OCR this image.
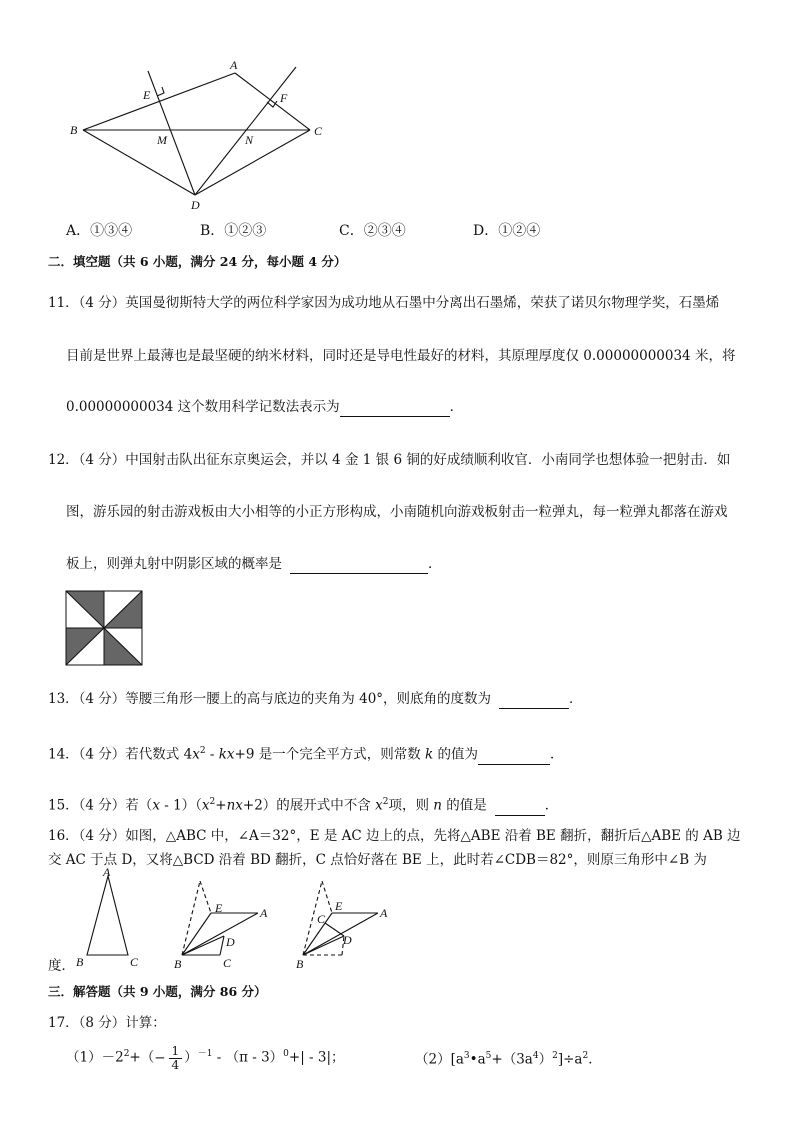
A
B	C
D
E	F
M	N
A．①③④	B．①②③	C．②③④	D．①②④
二．填空题（共 6 小题，满分 24 分，每小题 4 分）
11．（4 分）英国曼彻斯特大学的两位科学家因为成功地从石墨中分离出石墨烯，荣获了诺贝尔物理学奖，石墨烯
目前是世界上最薄也是最坚硬的纳米材料，同时还是导电性最好的材料，其原理厚度仅 0.00000000034 米，将
0.00000000034 这个数用科学记数法表示为	．
12．（4 分）中国射击队出征东京奥运会，并以 4 金 1 银 6 铜的好成绩顺利收官．小南同学也想体验一把射击．如
图，游乐园的射击游戏板由大小相等的小正方形构成，小南随机向游戏板射击一粒弹丸，每一粒弹丸都落在游戏
板上，则弹丸射中阴影区域的概率是	．
13．（4 分）等腰三角形一腰上的高与底边的夹角为 40°，则底角的度数为	．
14．（4 分）若代数式 $4x^2 - kx+9$ 是一个完全平方式，则常数 k 的值为	．
15．（4 分）若$(x - 1)(x^2+nx+2)$的展开式中不含 $x^2$项，则 n 的值是	．
16．（4 分）如图，△ABC 中，∠A＝32°，E 是 AC 边上的点，先将△ABE 沿着 BE 翻折，翻折后△ABE 的 AB 边
交 AC 于点 D，又将△BCD 沿着 BD 翻折，C 点恰好落在 BE 上，此时若∠CDB＝82°，则原三角形中∠B 为
度．
A
B	C
E	A
D
B	C
E	A
C
D
B
三．解答题（共 9 小题，满分 86 分）
17．（8 分）计算：
$(1)-2^2+(- \frac{1}{4} )^{-1} - (\pi - 3)^0+| - 3|$；	$(2)[a^3•a^5+(3a^4)^2]\div a^2$．
